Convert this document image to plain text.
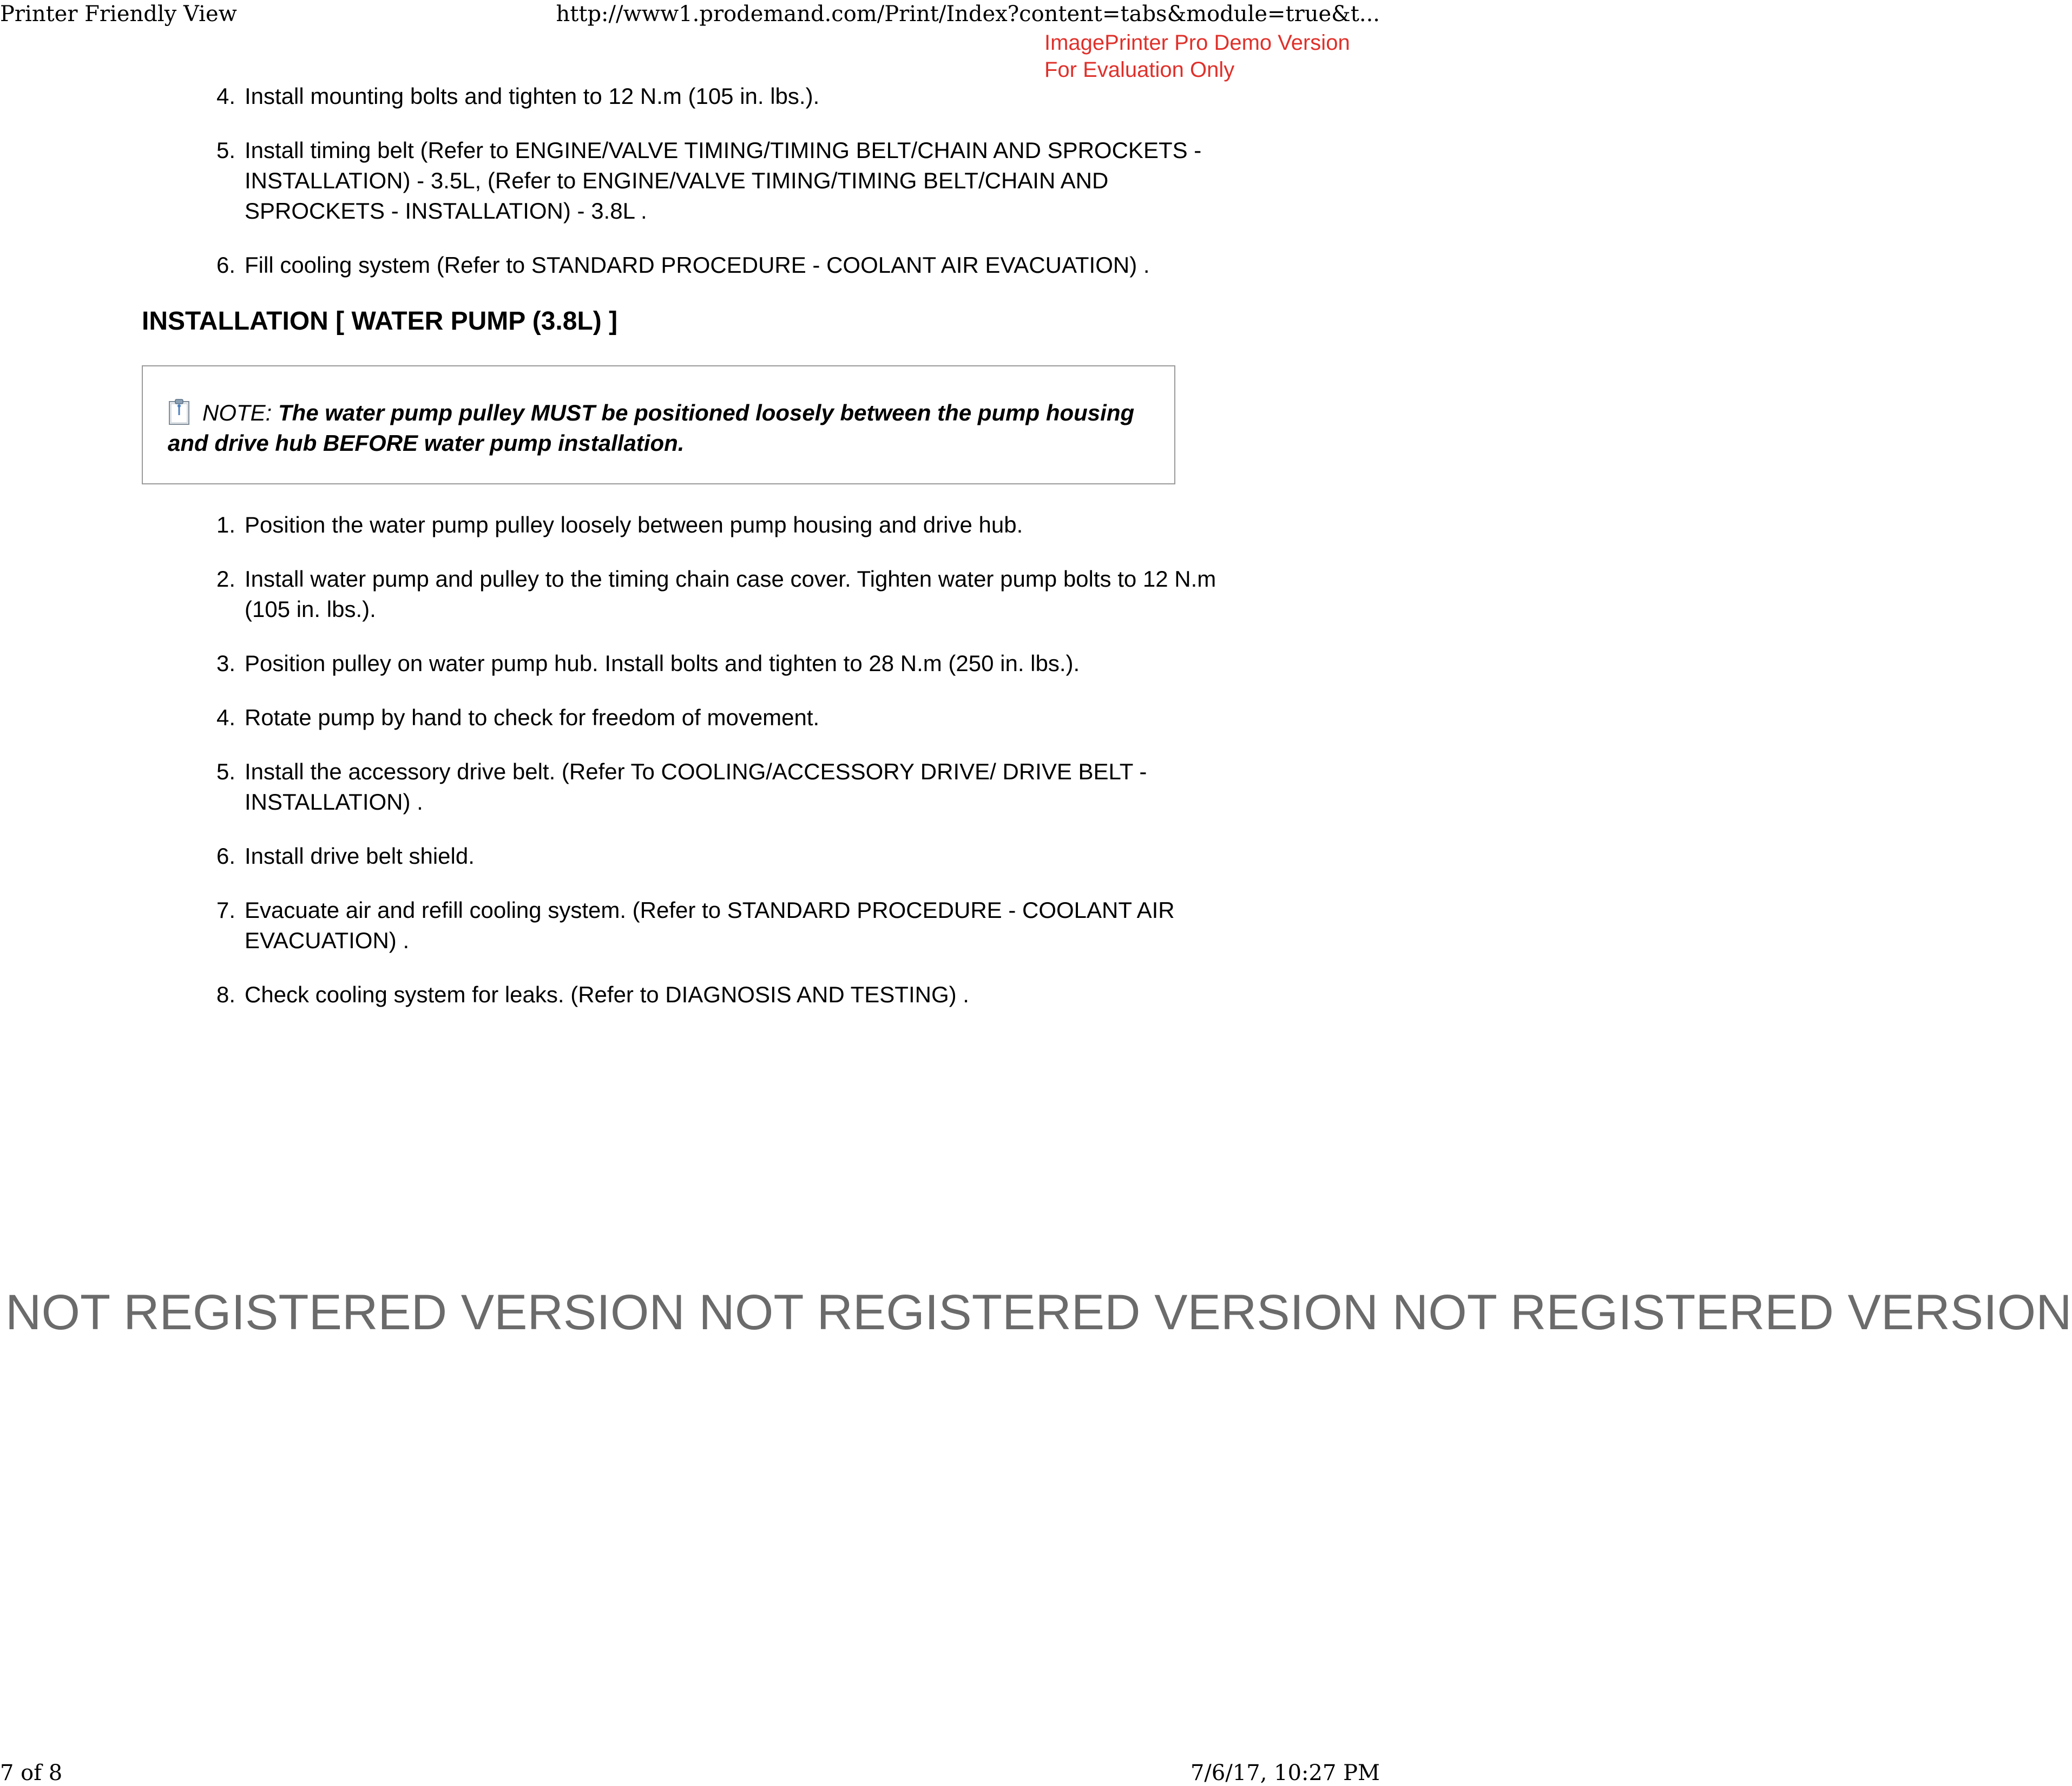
Printer Friendly View	http://www1.prodemand.com/Print/Index?content=tabs&module=true&t...
ImagePrinter Pro Demo Version
For Evaluation Only
4. Install mounting bolts and tighten to 12 N.m (105 in. lbs.).
5. Install timing belt (Refer to ENGINE/VALVE TIMING/TIMING BELT/CHAIN AND SPROCKETS - INSTALLATION) - 3.5L, (Refer to ENGINE/VALVE TIMING/TIMING BELT/CHAIN AND SPROCKETS - INSTALLATION) - 3.8L .
6. Fill cooling system (Refer to STANDARD PROCEDURE - COOLANT AIR EVACUATION) .
INSTALLATION [ WATER PUMP (3.8L) ]
NOTE: The water pump pulley MUST be positioned loosely between the pump housing and drive hub BEFORE water pump installation.
1. Position the water pump pulley loosely between pump housing and drive hub.
2. Install water pump and pulley to the timing chain case cover. Tighten water pump bolts to 12 N.m (105 in. lbs.).
3. Position pulley on water pump hub. Install bolts and tighten to 28 N.m (250 in. lbs.).
4. Rotate pump by hand to check for freedom of movement.
5. Install the accessory drive belt. (Refer To COOLING/ACCESSORY DRIVE/ DRIVE BELT - INSTALLATION) .
6. Install drive belt shield.
7. Evacuate air and refill cooling system. (Refer to STANDARD PROCEDURE - COOLANT AIR EVACUATION) .
8. Check cooling system for leaks. (Refer to DIAGNOSIS AND TESTING) .
NOT REGISTERED VERSION NOT REGISTERED VERSION NOT REGISTERED VERSION
7 of 8	7/6/17, 10:27 PM
